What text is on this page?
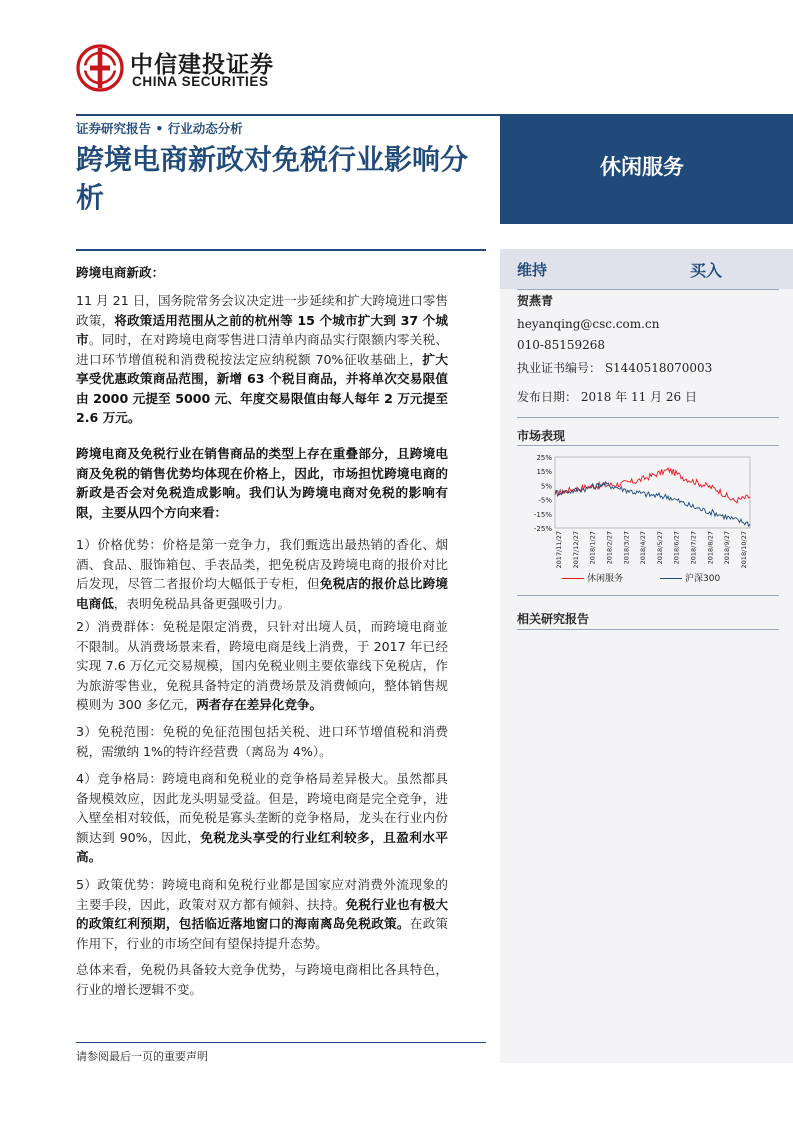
中信建投证券
CHINA SECURITIES
证券研究报告 • 行业动态分析
跨境电商新政对免税行业影响分析
休闲服务
维持	买入
贺燕青
heyanqing@csc.com.cn
010-85159268
执业证书编号： S1440518070003
发布日期： 2018 年 11 月 26 日
市场表现
相关研究报告
25%
15%
5%
-5%
-15%
-25%
2017/11/27 2017/12/27 2018/1/27 2018/2/27 2018/3/27 2018/4/27 2018/5/27 2018/6/27 2018/7/27 2018/8/27 2018/9/27 2018/10/27
休闲服务	沪深300
跨境电商新政：
11 月 21 日，国务院常务会议决定进一步延续和扩大跨境进口零售政策，将政策适用范围从之前的杭州等 15 个城市扩大到 37 个城市。同时，在对跨境电商零售进口清单内商品实行限额内零关税、进口环节增值税和消费税按法定应纳税额 70%征收基础上，扩大享受优惠政策商品范围，新增 63 个税目商品，并将单次交易限值由 2000 元提至 5000 元、年度交易限值由每人每年 2 万元提至 2.6 万元。
跨境电商及免税行业在销售商品的类型上存在重叠部分，且跨境电商及免税的销售优势均体现在价格上，因此，市场担忧跨境电商的新政是否会对免税造成影响。我们认为跨境电商对免税的影响有限，主要从四个方向来看：
1）价格优势：价格是第一竞争力，我们甄选出最热销的香化、烟酒、食品、服饰箱包、手表品类，把免税店及跨境电商的报价对比后发现，尽管二者报价均大幅低于专柜，但免税店的报价总比跨境电商低，表明免税品具备更强吸引力。
2）消费群体：免税是限定消费，只针对出境人员，而跨境电商並不限制。从消费场景来看，跨境电商是线上消费，于 2017 年已经实现 7.6 万亿元交易规模，国内免税业则主要依靠线下免税店，作为旅游零售业，免税具备特定的消费场景及消费倾向，整体销售规模则为 300 多亿元，两者存在差异化竞争。
3）免税范围：免税的免征范围包括关税、进口环节增值税和消费税，需缴纳 1%的特许经营费（离岛为 4%）。
4）竞争格局：跨境电商和免税业的竞争格局差异极大。虽然都具备规模效应，因此龙头明显受益。但是，跨境电商是完全竞争，进入壁垒相对较低，而免税是寡头垄断的竞争格局，龙头在行业内份额达到 90%，因此，免税龙头享受的行业红利较多，且盈利水平高。
5）政策优势：跨境电商和免税行业都是国家应对消费外流现象的主要手段，因此，政策对双方都有倾斜、扶持。免税行业也有极大的政策红利预期，包括临近落地窗口的海南离岛免税政策。在政策作用下，行业的市场空间有望保持提升态势。
总体来看，免税仍具备较大竞争优势，与跨境电商相比各具特色，行业的增长逻辑不变。
请参阅最后一页的重要声明
